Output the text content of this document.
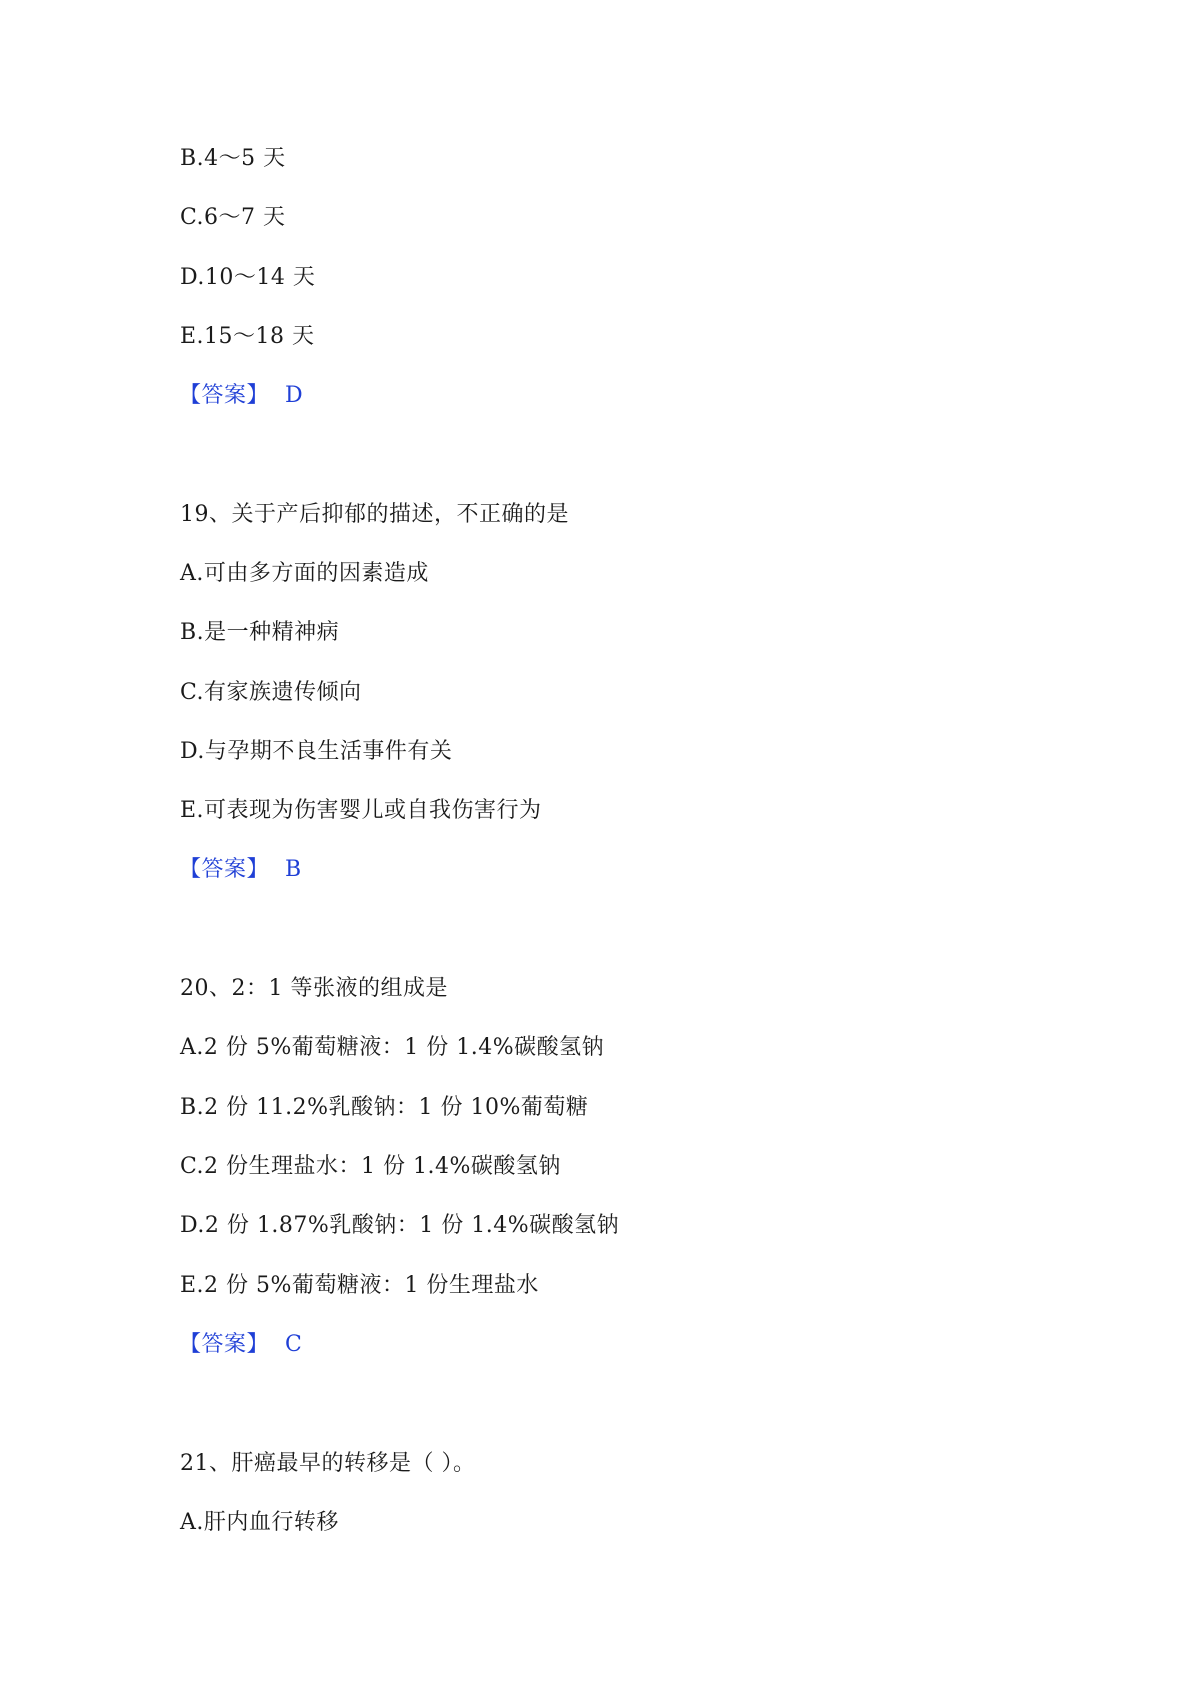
B.4～5 天
C.6～7 天
D.10～14 天
E.15～18 天
【答案】 D
19、关于产后抑郁的描述，不正确的是
A.可由多方面的因素造成
B.是一种精神病
C.有家族遗传倾向
D.与孕期不良生活事件有关
E.可表现为伤害婴儿或自我伤害行为
【答案】 B
20、2：1 等张液的组成是
A.2 份 5%葡萄糖液：1 份 1.4%碳酸氢钠
B.2 份 11.2%乳酸钠：1 份 10%葡萄糖
C.2 份生理盐水：1 份 1.4%碳酸氢钠
D.2 份 1.87%乳酸钠：1 份 1.4%碳酸氢钠
E.2 份 5%葡萄糖液：1 份生理盐水
【答案】 C
21、肝癌最早的转移是（ ）。
A.肝内血行转移
